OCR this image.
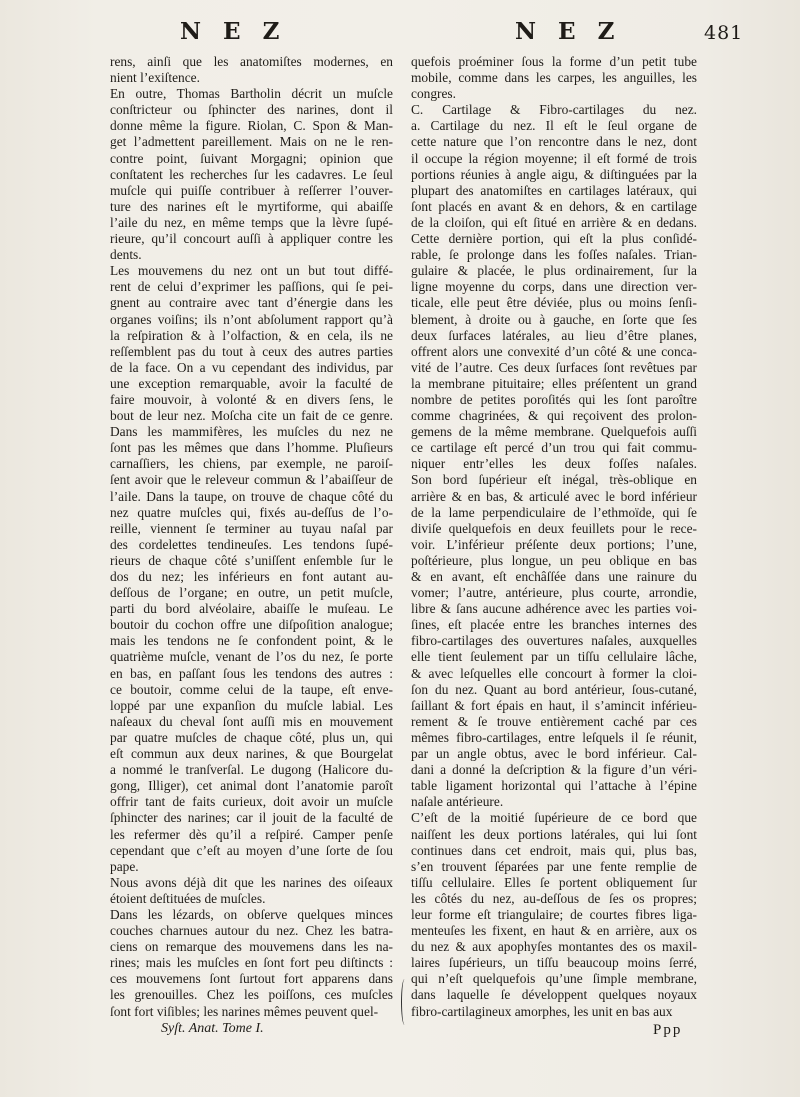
N E Z	N E Z	481
rens, ainſi que les anatomiſtes modernes, en
nient l’exiſtence.
En outre, Thomas Bartholin décrit un muſcle
conſtricteur ou ſphincter des narines, dont il
donne même la figure. Riolan, C. Spon & Man-
get l’admettent pareillement. Mais on ne le ren-
contre point, ſuivant Morgagni; opinion que
conſtatent les recherches ſur les cadavres. Le ſeul
muſcle qui puiſſe contribuer à reſſerrer l’ouver-
ture des narines eſt le myrtiforme, qui abaiſſe
l’aile du nez, en même temps que la lèvre ſupé-
rieure, qu’il concourt auſſi à appliquer contre les
dents.
Les mouvemens du nez ont un but tout diffé-
rent de celui d’exprimer les paſſions, qui ſe pei-
gnent au contraire avec tant d’énergie dans les
organes voiſins; ils n’ont abſolument rapport qu’à
la reſpiration & à l’olfaction, & en cela, ils ne
reſſemblent pas du tout à ceux des autres parties
de la face. On a vu cependant des individus, par
une exception remarquable, avoir la faculté de
faire mouvoir, à volonté & en divers ſens, le
bout de leur nez. Moſcha cite un fait de ce genre.
Dans les mammifères, les muſcles du nez ne
ſont pas les mêmes que dans l’homme. Pluſieurs
carnaſſiers, les chiens, par exemple, ne paroiſ-
ſent avoir que le releveur commun & l’abaiſſeur de
l’aile. Dans la taupe, on trouve de chaque côté du
nez quatre muſcles qui, fixés au-deſſus de l’o-
reille, viennent ſe terminer au tuyau naſal par
des cordelettes tendineuſes. Les tendons ſupé-
rieurs de chaque côté s’uniſſent enſemble ſur le
dos du nez; les inférieurs en font autant au-
deſſous de l’organe; en outre, un petit muſcle,
parti du bord alvéolaire, abaiſſe le muſeau. Le
boutoir du cochon offre une diſpoſition analogue;
mais les tendons ne ſe confondent point, & le
quatrième muſcle, venant de l’os du nez, ſe porte
en bas, en paſſant ſous les tendons des autres :
ce boutoir, comme celui de la taupe, eſt enve-
loppé par une expanſion du muſcle labial. Les
naſeaux du cheval ſont auſſi mis en mouvement
par quatre muſcles de chaque côté, plus un, qui
eſt commun aux deux narines, & que Bourgelat
a nommé le tranſverſal. Le dugong (Halicore du-
gong, Illiger), cet animal dont l’anatomie paroît
offrir tant de faits curieux, doit avoir un muſcle
ſphincter des narines; car il jouit de la faculté de
les refermer dès qu’il a reſpiré. Camper penſe
cependant que c’eſt au moyen d’une ſorte de ſou
pape.
Nous avons déjà dit que les narines des oiſeaux
étoient deſtituées de muſcles.
Dans les lézards, on obſerve quelques minces
couches charnues autour du nez. Chez les batra-
ciens on remarque des mouvemens dans les na-
rines; mais les muſcles en ſont fort peu diſtincts :
ces mouvemens ſont ſurtout fort apparens dans
les grenouilles. Chez les poiſſons, ces muſcles
ſont fort viſibles; les narines mêmes peuvent quel-
quefois proéminer ſous la forme d’un petit tube
mobile, comme dans les carpes, les anguilles, les
congres.
C. Cartilage & Fibro-cartilages du nez.
a. Cartilage du nez. Il eſt le ſeul organe de
cette nature que l’on rencontre dans le nez, dont
il occupe la région moyenne; il eſt formé de trois
portions réunies à angle aigu, & diſtinguées par la
plupart des anatomiſtes en cartilages latéraux, qui
ſont placés en avant & en dehors, & en cartilage
de la cloiſon, qui eſt ſitué en arrière & en dedans.
Cette dernière portion, qui eſt la plus conſidé-
rable, ſe prolonge dans les foſſes naſales. Trian-
gulaire & placée, le plus ordinairement, ſur la
ligne moyenne du corps, dans une direction ver-
ticale, elle peut être déviée, plus ou moins ſenſi-
blement, à droite ou à gauche, en ſorte que ſes
deux ſurfaces latérales, au lieu d’être planes,
offrent alors une convexité d’un côté & une conca-
vité de l’autre. Ces deux ſurfaces ſont revêtues par
la membrane pituitaire; elles préſentent un grand
nombre de petites poroſités qui les ſont paroître
comme chagrinées, & qui reçoivent des prolon-
gemens de la même membrane. Quelquefois auſſi
ce cartilage eſt percé d’un trou qui fait commu-
niquer entr’elles les deux foſſes naſales.
Son bord ſupérieur eſt inégal, très-oblique en
arrière & en bas, & articulé avec le bord inférieur
de la lame perpendiculaire de l’ethmoïde, qui ſe
diviſe quelquefois en deux feuillets pour le rece-
voir. L’inférieur préſente deux portions; l’une,
poſtérieure, plus longue, un peu oblique en bas
& en avant, eſt enchâſſée dans une rainure du
vomer; l’autre, antérieure, plus courte, arrondie,
libre & ſans aucune adhérence avec les parties voi-
ſines, eſt placée entre les branches internes des
fibro-cartilages des ouvertures naſales, auxquelles
elle tient ſeulement par un tiſſu cellulaire lâche,
& avec leſquelles elle concourt à former la cloi-
ſon du nez. Quant au bord antérieur, ſous-cutané,
ſaillant & fort épais en haut, il s’amincit inférieu-
rement & ſe trouve entièrement caché par ces
mêmes fibro-cartilages, entre leſquels il ſe réunit,
par un angle obtus, avec le bord inférieur. Cal-
dani a donné la deſcription & la figure d’un véri-
table ligament horizontal qui l’attache à l’épine
naſale antérieure.
C’eſt de la moitié ſupérieure de ce bord que
naiſſent les deux portions latérales, qui lui ſont
continues dans cet endroit, mais qui, plus bas,
s’en trouvent ſéparées par une fente remplie de
tiſſu cellulaire. Elles ſe portent obliquement ſur
les côtés du nez, au-deſſous de ſes os propres;
leur forme eſt triangulaire; de courtes fibres liga-
menteuſes les fixent, en haut & en arrière, aux os
du nez & aux apophyſes montantes des os maxil-
laires ſupérieurs, un tiſſu beaucoup moins ſerré,
qui n’eſt quelquefois qu’une ſimple membrane,
dans laquelle ſe développent quelques noyaux
fibro-cartilagineux amorphes, les unit en bas aux
Syſt. Anat. Tome I.	Ppp
